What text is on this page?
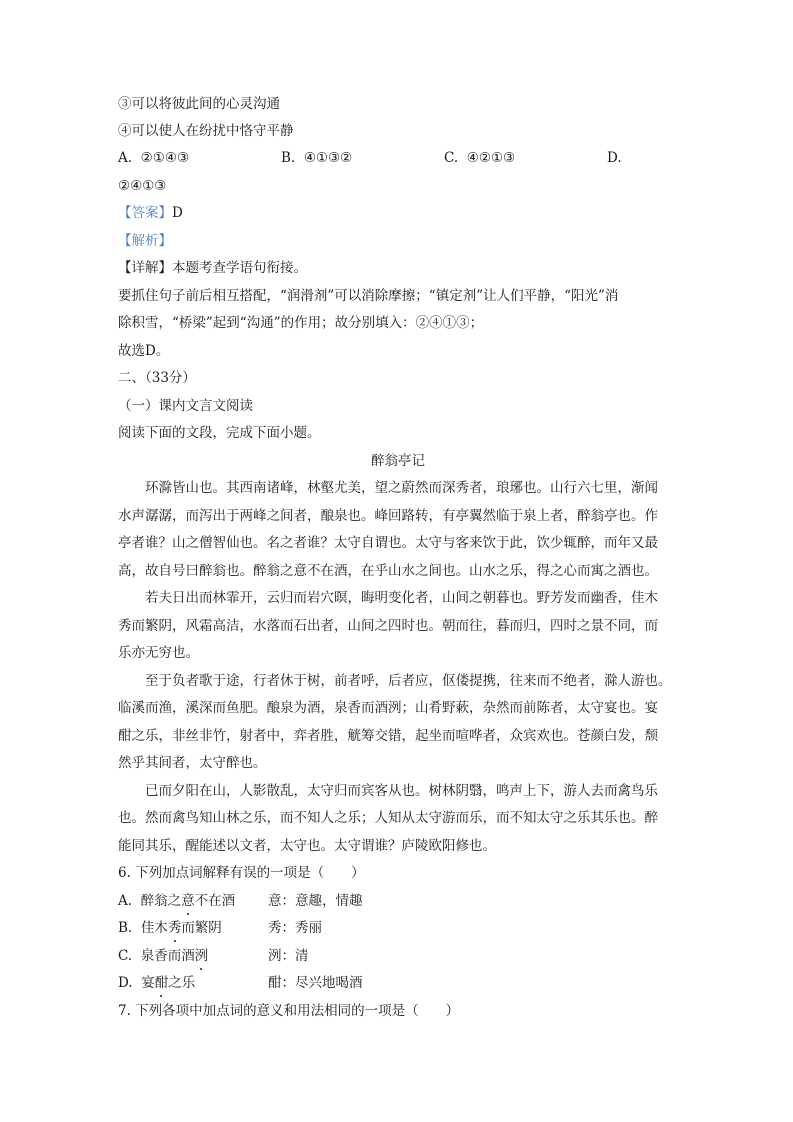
③可以将彼此间的心灵沟通
④可以使人在纷扰中恪守平静
A. ②①④③	B. ④①③②	C. ④②①③	D.
②④①③
【答案】D
【解析】
【详解】本题考查学语句衔接。
要抓住句子前后相互搭配，“润滑剂”可以消除摩擦；“镇定剂”让人们平静，“阳光”消
除积雪，“桥梁”起到“沟通”的作用；故分别填入：②④①③；
故选D。
二、（33分）
（一）课内文言文阅读
阅读下面的文段，完成下面小题。
醉翁亭记
环滁皆山也。其西南诸峰，林壑尤美，望之蔚然而深秀者，琅琊也。山行六七里，渐闻
水声潺潺，而泻出于两峰之间者，酿泉也。峰回路转，有亭翼然临于泉上者，醉翁亭也。作
亭者谁？山之僧智仙也。名之者谁？太守自谓也。太守与客来饮于此，饮少辄醉，而年又最
高，故自号曰醉翁也。醉翁之意不在酒，在乎山水之间也。山水之乐，得之心而寓之酒也。
若夫日出而林霏开，云归而岩穴暝，晦明变化者，山间之朝暮也。野芳发而幽香，佳木
秀而繁阴，风霜高洁，水落而石出者，山间之四时也。朝而往，暮而归，四时之景不同，而
乐亦无穷也。
至于负者歌于途，行者休于树，前者呼，后者应，伛偻提携，往来而不绝者，滁人游也。
临溪而渔，溪深而鱼肥。酿泉为酒，泉香而酒洌；山肴野蔌，杂然而前陈者，太守宴也。宴
酣之乐，非丝非竹，射者中，弈者胜，觥筹交错，起坐而喧哗者，众宾欢也。苍颜白发，颓
然乎其间者，太守醉也。
已而夕阳在山，人影散乱，太守归而宾客从也。树林阴翳，鸣声上下，游人去而禽鸟乐
也。然而禽鸟知山林之乐，而不知人之乐；人知从太守游而乐，而不知太守之乐其乐也。醉
能同其乐，醒能述以文者，太守也。太守谓谁？庐陵欧阳修也。
6. 下列加点词解释有误的一项是（　　）
A. 醉翁之意不在酒 意：意趣，情趣
B. 佳木秀而繁阴	秀：秀丽
C. 泉香而酒洌	洌：清
D. 宴酣之乐	酣：尽兴地喝酒
7. 下列各项中加点词的意义和用法相同的一项是（　　）
